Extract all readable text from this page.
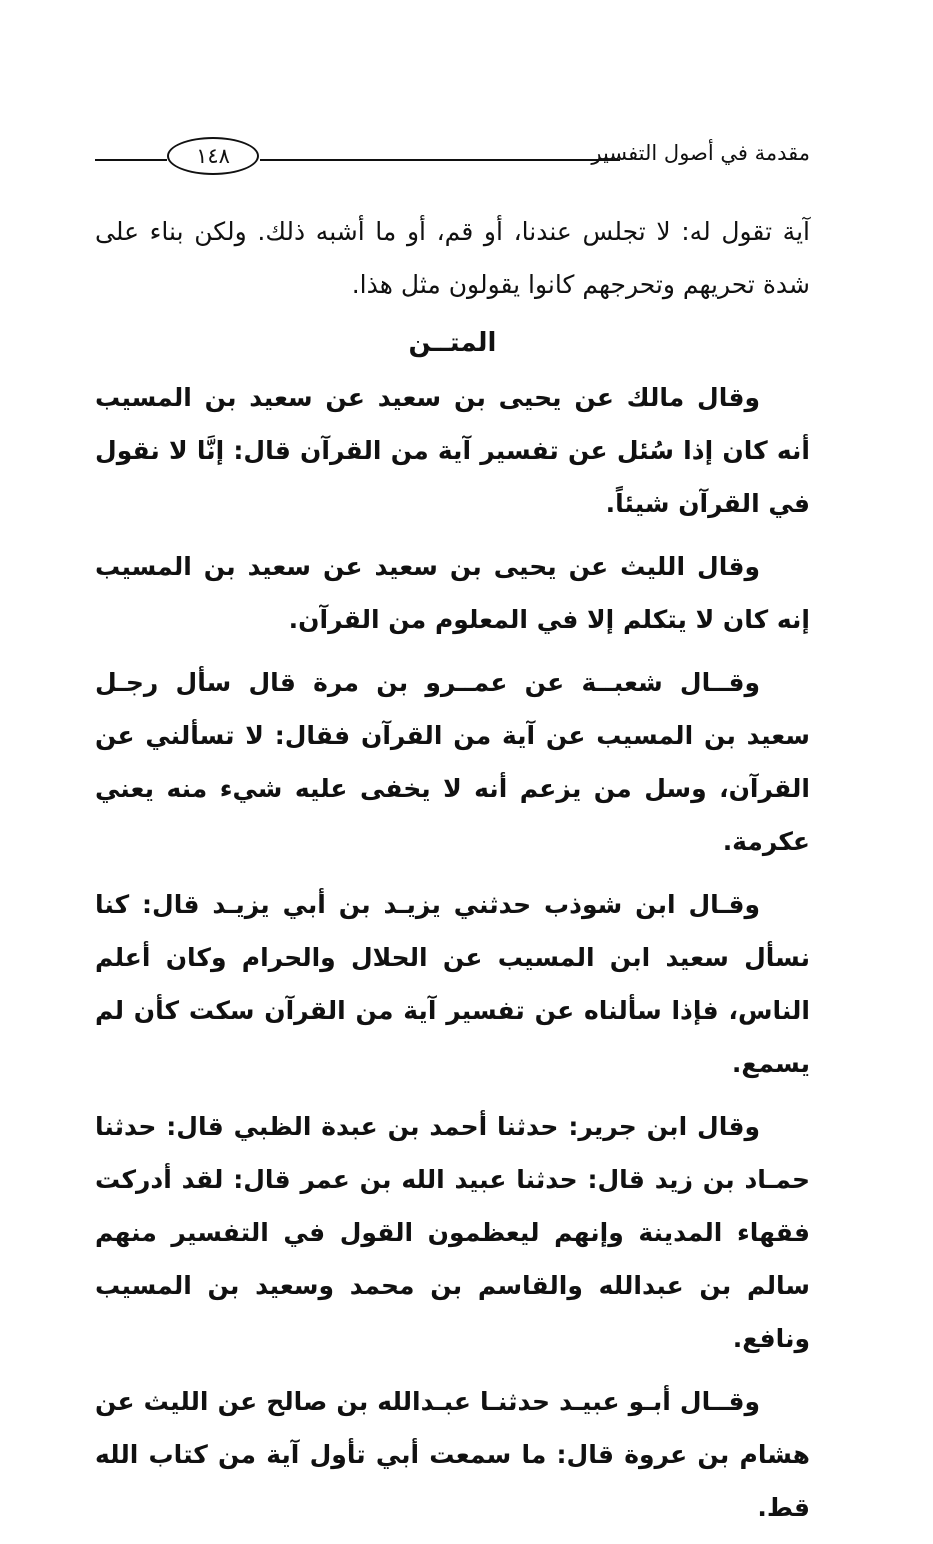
١٤٨	مقدمة في أصول التفسير

آية تقول له: لا تجلس عندنا، أو قم، أو ما أشبه ذلك. ولكن بناء على شدة تحريهم وتحرجهم كانوا يقولون مثل هذا.

المتــن

وقال مالك عن يحيى بن سعيد عن سعيد بن المسيب أنه كان إذا سُئل عن تفسير آية من القرآن قال: إنَّا لا نقول في القرآن شيئاً.

وقال الليث عن يحيى بن سعيد عن سعيد بن المسيب إنه كان لا يتكلم إلا في المعلوم من القرآن.

وقــال شعبــة عن عمــرو بن مرة قال سأل رجـل سعيد بن المسيب عن آية من القرآن فقال: لا تسألني عن القرآن، وسل من يزعم أنه لا يخفى عليه شيء منه يعني عكرمة.

وقـال ابن شوذب حدثني يزيـد بن أبي يزيـد قال: كنا نسأل سعيد ابن المسيب عن الحلال والحرام وكان أعلم الناس، فإذا سألناه عن تفسير آية من القرآن سكت كأن لم يسمع.

وقال ابن جرير: حدثنا أحمد بن عبدة الظبي قال: حدثنا حمـاد بن زيد قال: حدثنا عبيد الله بن عمر قال: لقد أدركت فقهاء المدينة وإنهم ليعظمون القول في التفسير منهم سالم بن عبدالله والقاسم بن محمد وسعيد بن المسيب ونافع.

وقــال أبـو عبيـد حدثنـا عبـدالله بن صالح عن الليث عن هشام بن عروة قال: ما سمعت أبي تأول آية من كتاب الله قط.
